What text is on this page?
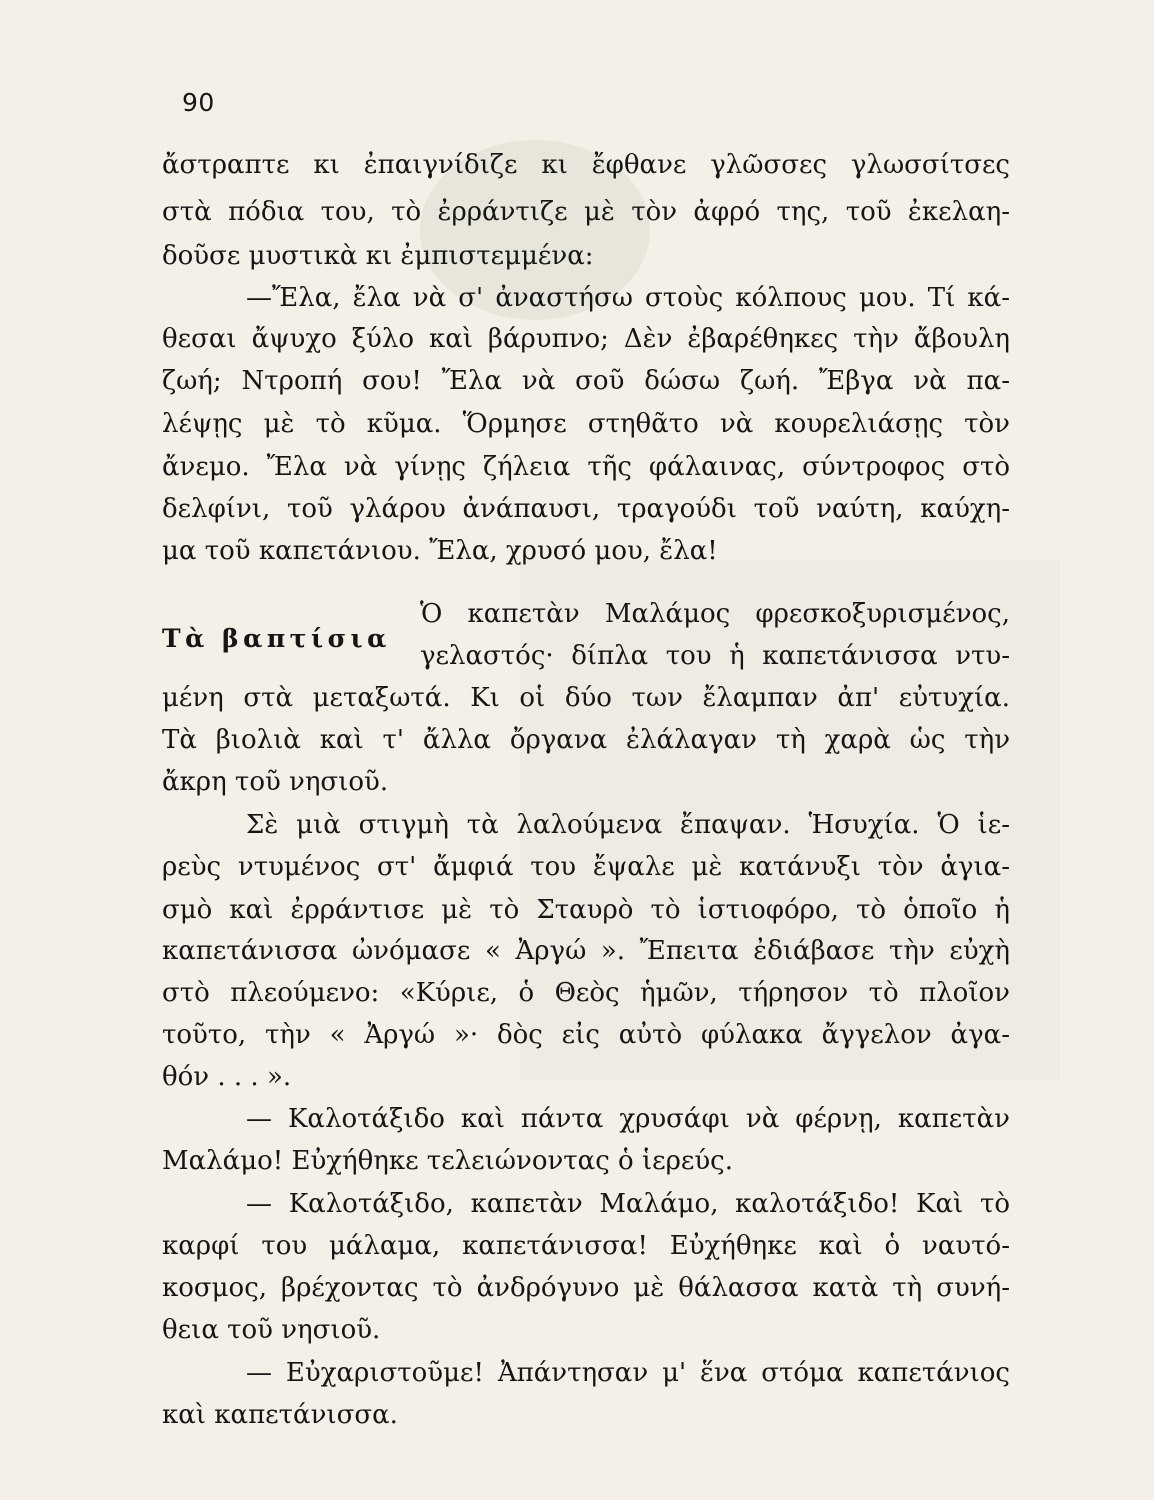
90
ἄστραπτε κι ἐπαιγνίδιζε κι ἔφθανε γλῶσσες γλωσσίτσες
στὰ πόδια του, τὸ ἐρράντιζε μὲ τὸν ἀφρό της, τοῦ ἐκελαη-
δοῦσε μυστικὰ κι ἐμπιστεμμένα:
—Ἔλα, ἔλα νὰ σ' ἀναστήσω στοὺς κόλπους μου. Τί κά-
θεσαι ἄψυχο ξύλο καὶ βάρυπνο; Δὲν ἐβαρέθηκες τὴν ἄβουλη
ζωή; Ντροπή σου! Ἔλα νὰ σοῦ δώσω ζωή. Ἔβγα νὰ πα-
λέψῃς μὲ τὸ κῦμα. Ὅρμησε στηθᾶτο νὰ κουρελιάσῃς τὸν
ἄνεμο. Ἔλα νὰ γίνῃς ζήλεια τῆς φάλαινας, σύντροφος στὸ
δελφίνι, τοῦ γλάρου ἀνάπαυσι, τραγούδι τοῦ ναύτη, καύχη-
μα τοῦ καπετάνιου. Ἔλα, χρυσό μου, ἔλα!
Τὰ βαπτίσια
Ὁ καπετὰν Μαλάμος φρεσκοξυρισμένος,
γελαστός· δίπλα του ἡ καπετάνισσα ντυ-
μένη στὰ μεταξωτά. Κι οἱ δύο των ἔλαμπαν ἀπ' εὐτυχία.
Τὰ βιολιὰ καὶ τ' ἄλλα ὄργανα ἐλάλαγαν τὴ χαρὰ ὡς τὴν
ἄκρη τοῦ νησιοῦ.
Σὲ μιὰ στιγμὴ τὰ λαλούμενα ἔπαψαν. Ἡσυχία. Ὁ ἱε-
ρεὺς ντυμένος στ' ἄμφιά του ἔψαλε μὲ κατάνυξι τὸν ἁγια-
σμὸ καὶ ἐρράντισε μὲ τὸ Σταυρὸ τὸ ἱστιοφόρο, τὸ ὁποῖο ἡ
καπετάνισσα ὠνόμασε « Ἀργώ ». Ἔπειτα ἐδιάβασε τὴν εὐχὴ
στὸ πλεούμενο: «Κύριε, ὁ Θεὸς ἡμῶν, τήρησον τὸ πλοῖον
τοῦτο, τὴν « Ἀργώ »· δὸς εἰς αὐτὸ φύλακα ἄγγελον ἀγα-
θόν . . . ».
— Καλοτάξιδο καὶ πάντα χρυσάφι νὰ φέρνῃ, καπετὰν
Μαλάμο! Εὐχήθηκε τελειώνοντας ὁ ἱερεύς.
— Καλοτάξιδο, καπετὰν Μαλάμο, καλοτάξιδο! Καὶ τὸ
καρφί του μάλαμα, καπετάνισσα! Εὐχήθηκε καὶ ὁ ναυτό-
κοσμος, βρέχοντας τὸ ἀνδρόγυνο μὲ θάλασσα κατὰ τὴ συνή-
θεια τοῦ νησιοῦ.
— Εὐχαριστοῦμε! Ἀπάντησαν μ' ἕνα στόμα καπετάνιος
καὶ καπετάνισσα.
